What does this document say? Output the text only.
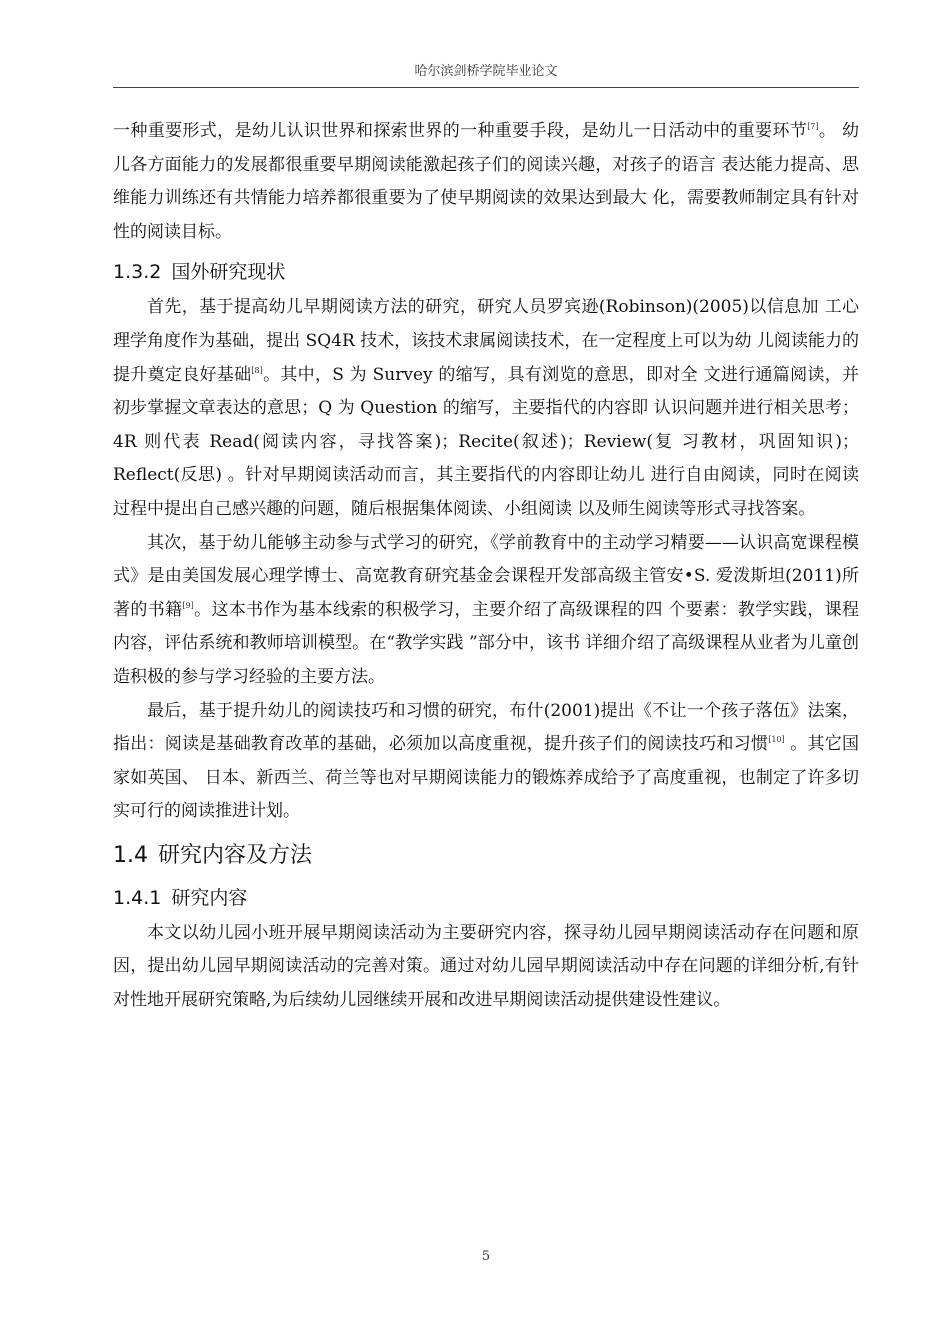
哈尔滨剑桥学院毕业论文

一种重要形式，是幼儿认识世界和探索世界的一种重要手段，是幼儿一日活动中的重要环节[7]。 幼儿各方面能力的发展都很重要早期阅读能激起孩子们的阅读兴趣，对孩子的语言 表达能力提高、思维能力训练还有共情能力培养都很重要为了使早期阅读的效果达到最大 化，需要教师制定具有针对性的阅读目标。

1.3.2 国外研究现状

首先，基于提高幼儿早期阅读方法的研究，研究人员罗宾逊(Robinson)(2005)以信息加 工心理学角度作为基础，提出 SQ4R 技术，该技术隶属阅读技术，在一定程度上可以为幼 儿阅读能力的提升奠定良好基础[8]。其中，S 为 Survey 的缩写，具有浏览的意思，即对全 文进行通篇阅读，并初步掌握文章表达的意思；Q 为 Question 的缩写，主要指代的内容即 认识问题并进行相关思考；4R 则代表 Read(阅读内容，寻找答案)；Recite(叙述)；Review(复 习教材，巩固知识)；Reflect(反思) 。针对早期阅读活动而言，其主要指代的内容即让幼儿 进行自由阅读，同时在阅读过程中提出自己感兴趣的问题，随后根据集体阅读、小组阅读 以及师生阅读等形式寻找答案。

其次，基于幼儿能够主动参与式学习的研究，《学前教育中的主动学习精要——认识高宽课程模式》是由美国发展心理学博士、高宽教育研究基金会课程开发部高级主管安•S. 爱泼斯坦(2011)所著的书籍[9]。这本书作为基本线索的积极学习，主要介绍了高级课程的四 个要素：教学实践，课程内容，评估系统和教师培训模型。在“教学实践 ”部分中，该书 详细介绍了高级课程从业者为儿童创造积极的参与学习经验的主要方法。

最后，基于提升幼儿的阅读技巧和习惯的研究，布什(2001)提出《不让一个孩子落伍》法案，指出：阅读是基础教育改革的基础，必须加以高度重视，提升孩子们的阅读技巧和习惯[10] 。其它国家如英国、 日本、新西兰、荷兰等也对早期阅读能力的锻炼养成给予了高度重视，也制定了许多切实可行的阅读推进计划。

1.4 研究内容及方法
1.4.1 研究内容

本文以幼儿园小班开展早期阅读活动为主要研究内容，探寻幼儿园早期阅读活动存在问题和原因，提出幼儿园早期阅读活动的完善对策。通过对幼儿园早期阅读活动中存在问题的详细分析,有针对性地开展研究策略,为后续幼儿园继续开展和改进早期阅读活动提供建设性建议。

5
